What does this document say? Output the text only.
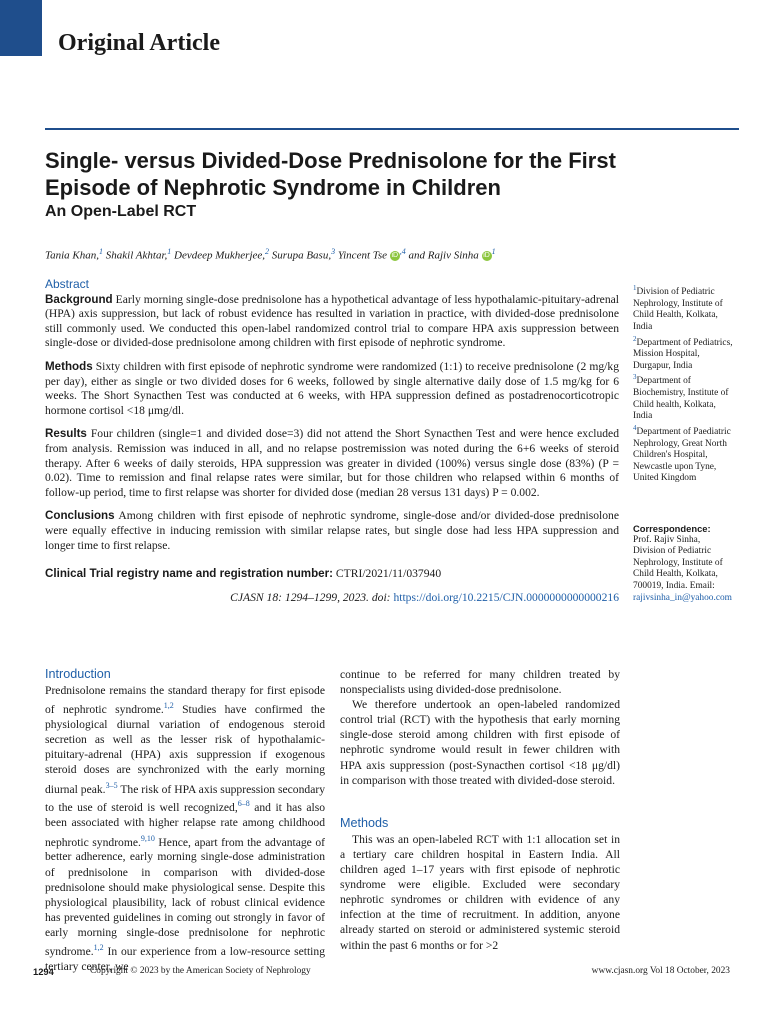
Original Article
Single- versus Divided-Dose Prednisolone for the First Episode of Nephrotic Syndrome in Children
An Open-Label RCT
Tania Khan,$^1$ Shakil Akhtar,$^1$ Devdeep Mukherjee,$^2$ Surupa Basu,$^3$ Yincent Tse iD $^{,4}$ and Rajiv Sinha iD $^1$
Abstract

Background Early morning single-dose prednisolone has a hypothetical advantage of less hypothalamic-pituitary-adrenal (HPA) axis suppression, but lack of robust evidence has resulted in variation in practice, with divided-dose prednisolone still commonly used. We conducted this open-label randomized control trial to compare HPA axis suppression between single-dose or divided-dose prednisolone among children with first episode of nephrotic syndrome.

Methods Sixty children with first episode of nephrotic syndrome were randomized (1:1) to receive prednisolone (2 mg/kg per day), either as single or two divided doses for 6 weeks, followed by single alternative daily dose of 1.5 mg/kg for 6 weeks. The Short Synacthen Test was conducted at 6 weeks, with HPA suppression defined as postadrenocorticotropic hormone cortisol <18 μmg/dl.

Results Four children (single=1 and divided dose=3) did not attend the Short Synacthen Test and were hence excluded from analysis. Remission was induced in all, and no relapse postremission was noted during the 6+6 weeks of steroid therapy. After 6 weeks of daily steroids, HPA suppression was greater in divided (100%) versus single dose (83%) (P = 0.02). Time to remission and final relapse rates were similar, but for those children who relapsed within 6 months of follow-up period, time to first relapse was shorter for divided dose (median 28 versus 131 days) P = 0.002.

Conclusions Among children with first episode of nephrotic syndrome, single-dose and/or divided-dose prednisolone were equally effective in inducing remission with similar relapse rates, but single dose had less HPA suppression and longer time to first relapse.

Clinical Trial registry name and registration number: CTRI/2021/11/037940

CJASN 18: 1294–1299, 2023. doi: https://doi.org/10.2215/CJN.0000000000000216

$^1$Division of Pediatric Nephrology, Institute of Child Health, Kolkata, India

$^2$Department of Pediatrics, Mission Hospital, Durgapur, India

$^3$Department of Biochemistry, Institute of Child health, Kolkata, India

$^4$Department of Paediatric Nephrology, Great North Children's Hospital, Newcastle upon Tyne, United Kingdom

Correspondence:
Prof. Rajiv Sinha, Division of Pediatric Nephrology, Institute of Child Health, Kolkata, 700019, India. Email: rajivsinha_in@yahoo.com
Introduction

Prednisolone remains the standard therapy for first episode of nephrotic syndrome.$^{1,2}$ Studies have confirmed the physiological diurnal variation of endogenous steroid secretion as well as the lesser risk of hypothalamic-pituitary-adrenal (HPA) axis suppression if exogenous steroid doses are synchronized with the early morning diurnal peak.$^{3-5}$ The risk of HPA axis suppression secondary to the use of steroid is well recognized,$^{6-8}$ and it has also been associated with higher relapse rate among childhood nephrotic syndrome.$^{9,10}$ Hence, apart from the advantage of better adherence, early morning single-dose administration of prednisolone in comparison with divided-dose prednisolone should make physiological sense. Despite this physiological plausibility, lack of robust clinical evidence has prevented guidelines in coming out strongly in favor of early morning single-dose prednisolone for nephrotic syndrome.$^{1,2}$ In our experience from a low-resource setting tertiary center, we

continue to be referred for many children treated by nonspecialists using divided-dose prednisolone.

We therefore undertook an open-labeled randomized control trial (RCT) with the hypothesis that early morning single-dose steroid among children with first episode of nephrotic syndrome would result in fewer children with HPA axis suppression (post-Synacthen cortisol <18 μg/dl) in comparison with those treated with divided-dose steroid.

Methods

This was an open-labeled RCT with 1:1 allocation set in a tertiary care children hospital in Eastern India. All children aged 1–17 years with first episode of nephrotic syndrome were eligible. Excluded were secondary nephrotic syndromes or children with evidence of any infection at the time of recruitment. In addition, anyone already started on steroid or administered systemic steroid within the past 6 months or for >2

1294	Copyright © 2023 by the American Society of Nephrology	www.cjasn.org Vol 18 October, 2023
